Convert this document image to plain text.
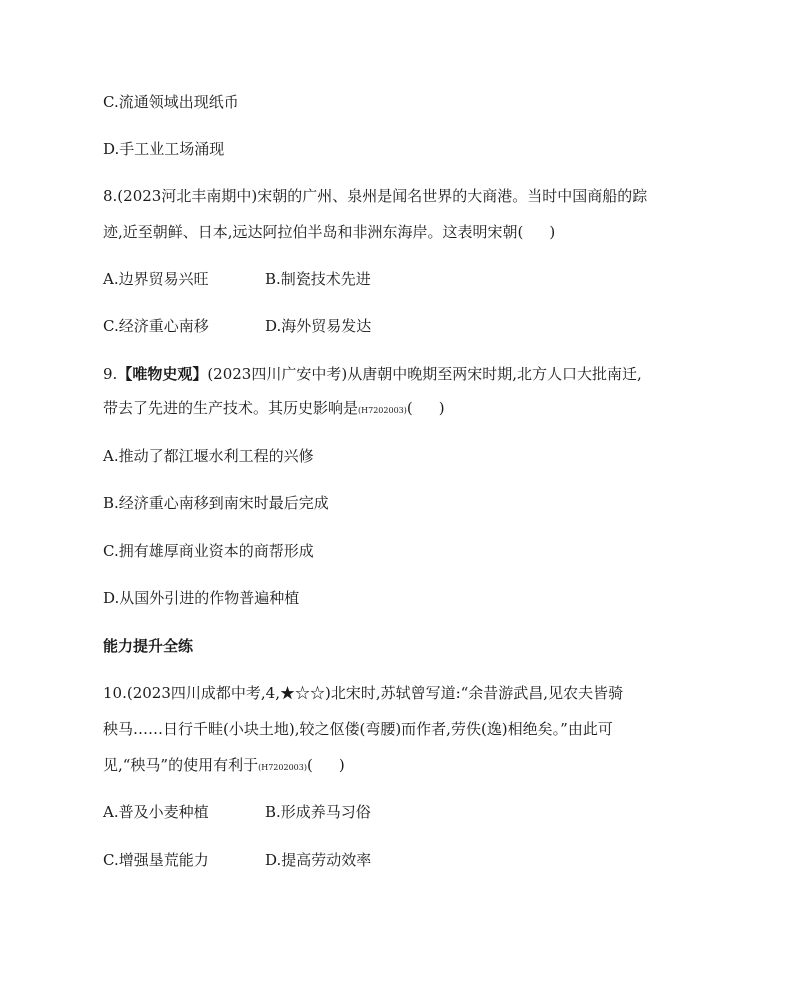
C.流通领域出现纸币
D.手工业工场涌现
8.(2023河北丰南期中)宋朝的广州、泉州是闻名世界的大商港。当时中国商船的踪
迹,近至朝鲜、日本,远达阿拉伯半岛和非洲东海岸。这表明宋朝( )
A.边界贸易兴旺	B.制瓷技术先进
C.经济重心南移	D.海外贸易发达
9.【唯物史观】(2023四川广安中考)从唐朝中晚期至两宋时期,北方人口大批南迁,
带去了先进的生产技术。其历史影响是(H7202003)( )
A.推动了都江堰水利工程的兴修
B.经济重心南移到南宋时最后完成
C.拥有雄厚商业资本的商帮形成
D.从国外引进的作物普遍种植
能力提升全练
10.(2023四川成都中考,4,★☆☆)北宋时,苏轼曾写道:“余昔游武昌,见农夫皆骑
秧马……日行千畦(小块土地),较之伛偻(弯腰)而作者,劳佚(逸)相绝矣。”由此可
见,“秧马”的使用有利于(H7202003)( )
A.普及小麦种植	B.形成养马习俗
C.增强垦荒能力	D.提高劳动效率
